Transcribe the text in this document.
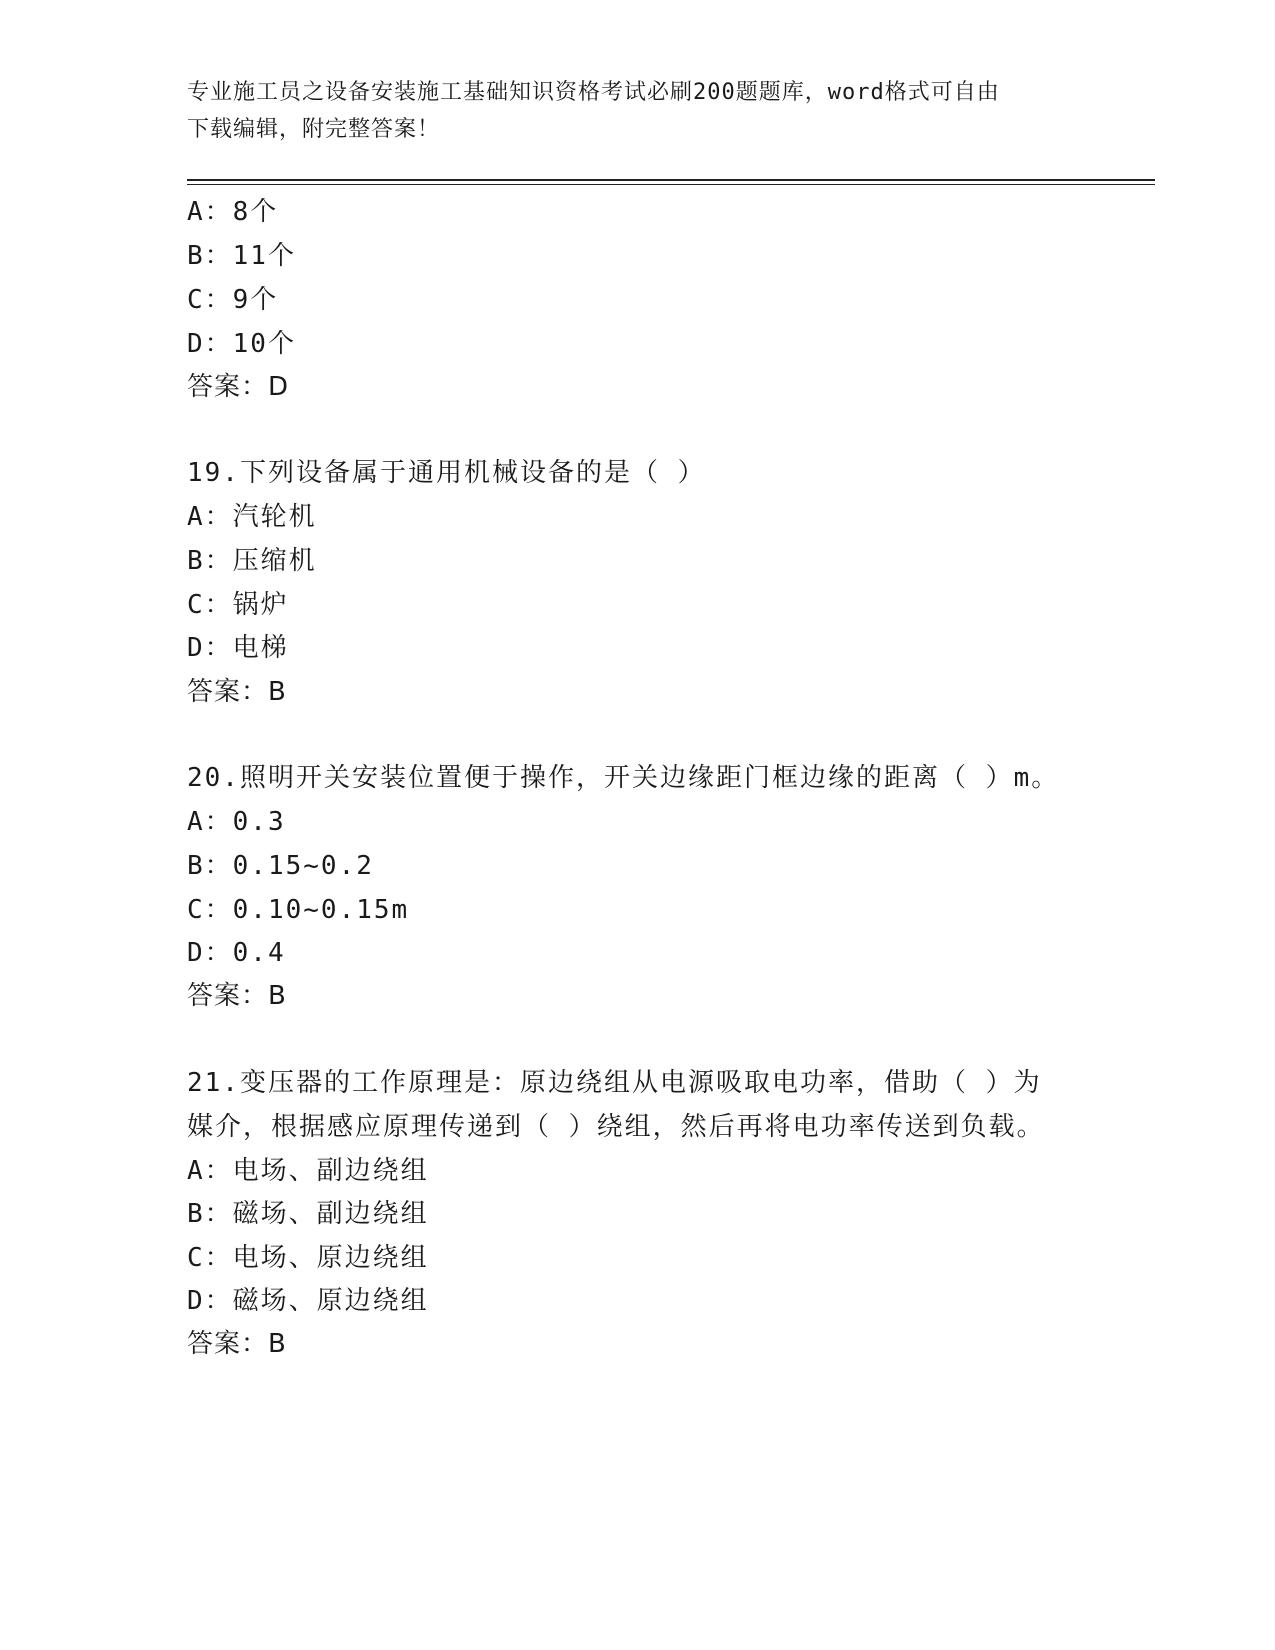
专业施工员之设备安装施工基础知识资格考试必刷200题题库，word格式可自由
下载编辑，附完整答案！
A：8个
B：11个
C：9个
D：10个
答案：D
19.下列设备属于通用机械设备的是（ ）
A：汽轮机
B：压缩机
C：锅炉
D：电梯
答案：B
20.照明开关安装位置便于操作，开关边缘距门框边缘的距离（ ）m。
A：0.3
B：0.15~0.2
C：0.10~0.15m
D：0.4
答案：B
21.变压器的工作原理是：原边绕组从电源吸取电功率，借助（ ）为
媒介，根据感应原理传递到（ ）绕组，然后再将电功率传送到负载。
A：电场、副边绕组
B：磁场、副边绕组
C：电场、原边绕组
D：磁场、原边绕组
答案：B
